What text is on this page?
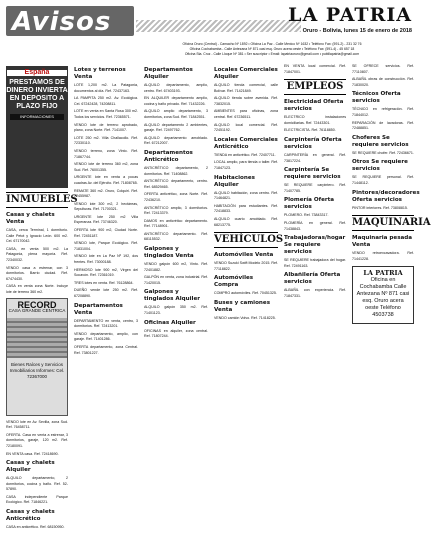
Avisos	LA PATRIA
Oruro - Bolivia, lunes 15 de enero de 2018
Oficina Oruro (Central) - Camacho Nº 1892 • Oficina La Paz - Calle Mexico Nº 1632 • Teléfono Fax: (591-2) - 231 32 76
Oficina Cochabamba - Calle Antezana Nº 871 casi esq. Oruro acera oeste • Teléfono Fax: (591-4) - 45 657 18
Oficina Sta. Cruz - Calle Lloque Nº 381 • Ser suscriptor • Email: lapatriaoruro@gmail.com • publilapatria@gmail.com
España
PRESTAMOS DE DINERO INVIERTA EN DEPOSITO A PLAZO FIJO
INFORMACIONES
INMUEBLES
Casas y chalets Venta

CASA, cerca Terminal, 1 dormitorio. Calle Petot y Ignacio León. 600 m2. Cel. 67170042.

CASA, en venta 500 m2. La Patagonia, plena mayoría. Ref. 72340032.

VENDO casa a estrenar, con 3 dormitorios. Barrio ciudad. Ref. 67474430.

CASA en venta zona Norte. Incluye lote de terreno 360 m2.

RECORD
CASA GRANDE CENTRICA
Bienes Raíces y Servicios Inmobiliarios Informes: Cel. 72367000

VENDO lote en Av. Sevilla, zona Sud. Ref. 76458711.

OFERTA. Casa en venta a estrenar, 3 dormitorios, garaje, 120 m2. Ref. 72180091.

EN VENTA casa. Ref. 72418690.

Casas y chalets Alquiler

ALQUILO departamento, 2 dormitorios, cocina y baño. Ref. 52-57890.

CASA independiente Parque Ecológico. Ref. 71846221.

Casas y chalets Anticrético

CASA en anticrético. Ref. 68150950.

Lotes y terrenos Venta

LOTE 1,200 m2. La Patagonia, documentos al día. Ref. 72437163.

LA PAMPITA 250 m2. Av. Ecológica. Cel. 67242428, 74208811.

LOTE en venta en Santa Rosa 300 m2. Todos los servicios. Ref. 72365571.

VENDO lote de terreno aprobado, plano, zona Norte. Ref. 7141007.

LOTE 250 m2. Villa Challacollo. Ref. 72330110.

VENDO terreno, zona Vinto. Ref. 71867744.

VENDO lote de terreno 360 m2, zona Sud. Ref. 76001355.

URGENTE lote en venta a pocas cuadras Av. del Ejército. Ref. 71808765.

REMATE 360 m2. Oruro, Colquiri. Ref. 72455987.

VENDO lote 300 m2, 2 hectáreas, Sepulturas. Ref. 71700321.

URGENTE lote 250 m2 Villa Esperanza. Ref. 73746320.

OFERTA lote 900 m2, Ciudad Norte. Ref. 72451187.

VENDO lote, Parque Ecológico. Ref. 71831004.

VENDO lote en La Paz Nº 192, dos frentes. Ref. 73000188.

HERMOSO lote 900 m2, Virgen del Socavón. Ref. 72361019.

TRES lotes en venta. Ref. 76128864.

DUEÑO vende lote 250 m2. Ref. 67208890.

Departamentos Venta

DEPARTAMENTO en venta, centro, 3 dormitorios. Ref. 72413201.

VENDO departamento, amplio, con garaje. Ref. 71401286.

OFERTA departamento, zona Central. Ref. 73801227.

Departamentos Alquiler

ALQUILO departamento, amplio, centro. Ref. 67403193.

EN ALQUILER departamento amplio, cocina y baño privado. Ref. 71432226.

ALQUILO amplio departamento, 3 dormitorios, zona Sud. Ref. 71842551.

ALQUILO departamento 2 ambientes, garaje. Ref. 72497762.

ALQUILO departamento amoblado. Ref. 67212007.

Departamentos Anticrético

ANTICRÉTICO departamento, 2 dormitorios. Ref. 71408862.

ANTICRÉTICO departamento, centro. Ref. 68529465.

OFERTA anticrético, zona Norte. Ref. 72436210.

ANTICRÉTICO amplio, 3 dormitorios. Ref. 72413379.

DAMOS en anticrético departamento. Ref. 77148901.

ANTICRÉTICO departamento. Ref. 68115532.

Galpones y tinglados Venta

VENDO galpón 600 m2, Vinto. Ref. 72401882.

GALPÓN en venta, zona industrial. Ref. 71420015.

Galpones y tinglados Alquiler

ALQUILO galpón 350 m2. Ref. 71401123.

Oficinas Alquiler

OFICINAS en alquiler, zona central. Ref. 71807244.

Locales Comerciales Alquiler

ALQUILO tienda comercial, calle Bolívar. Ref. 71421849.

ALQUILO tienda sobre avenida. Ref. 73832015.

AMBIENTES para oficinas, zona central. Ref. 67236511.

ALQUILO local comercial. Ref. 72451192.

Locales Comerciales Anticrético

TIENDA en anticrético. Ref. 72407711.

LOCAL amplio, para tienda o taller. Ref. 71847123.

Habitaciones Alquiler

ALQUILO habitación, zona centro. Ref. 71464821.

HABITACIÓN para estudiantes. Ref. 72418833.

ALQUILO cuarto amoblado. Ref. 68213775.

VEHÍCULOS
Automóviles Venta

VENDO Suzuki Swift Modelo 2015. Ref. 77118822.

Automóviles Compra

COMPRO automóviles. Ref. 70451325.

Buses y camiones Venta

VENDO camión Volvo. Ref. 71418225.

EN VENTA local comercial. Ref. 71847001.

EMPLEOS
Electricidad Oferta servicios

ELECTRICO instalaciones domiciliarias. Ref. 72443301.

ELECTRICISTA. Ref. 76118850.

Carpintería Oferta servicios

CARPINTERÍA en general. Ref. 73817224.

Carpintería Se requiere servicios

SE REQUIERE carpintero. Ref. 71407785.

Plomería Oferta servicios

PLOMERO. Ref. 73843317.

PLOMERÍA en general. Ref. 71438843.

Trabajadoras/hogar Se requiere servicios

SE REQUIERE trabajadora del hogar. Ref. 72491163.

Albañilería Oferta servicios

ALBAÑIL con experiencia. Ref. 71847331.

SE OFRECE servicios. Ref. 77110807.

ALBAÑIL obras de construcción. Ref. 71830020.

Técnicos Oferta servicios

TÉCNICO en refrigeración. Ref. 71844012.

REPARACIÓN de lavadoras. Ref. 72488851.

Choferes Se requiere servicios

SE REQUIERE chofer. Ref. 72436671.

Otros Se requiere servicios

SE REQUIERE personal. Ref. 71448112.

Pintores/decoradores Oferta servicios

PINTOR interiores. Ref. 73808815.

MAQUINARIA
Maquinaria pesada Venta

VENDO retroexcavadora. Ref. 71441228.

LA PATRIA
Oficina en Cochabamba Calle Antezana Nº 871 casi esq. Oruro acera oeste Teléfono 4503738
